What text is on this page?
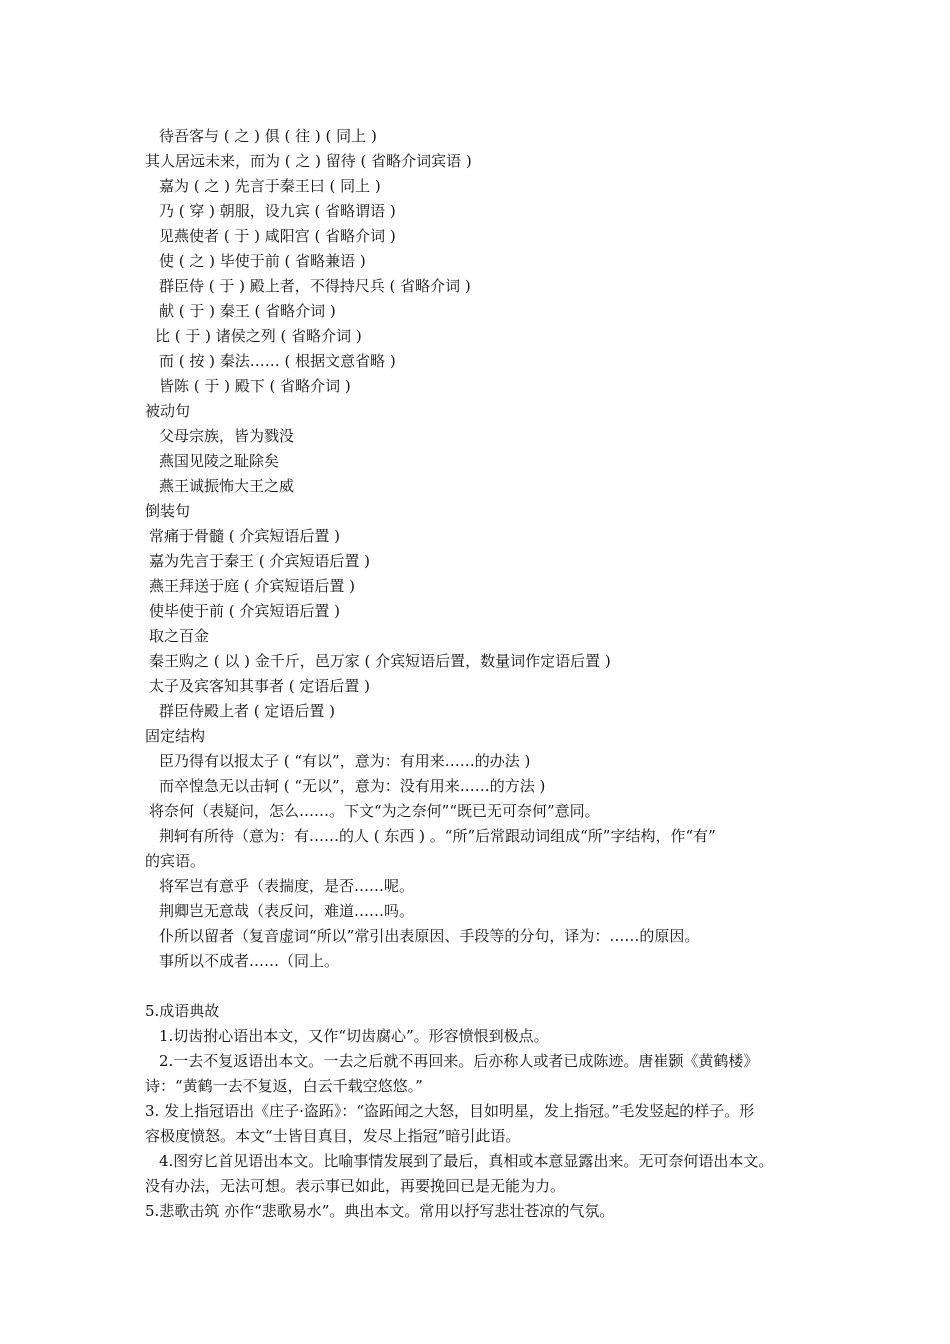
待吾客与 ( 之 ) 俱 ( 往 ) ( 同上 )
其人居远未来，而为 ( 之 ) 留待 ( 省略介词宾语 )
嘉为 ( 之 ) 先言于秦王曰 ( 同上 )
乃 ( 穿 ) 朝服，设九宾 ( 省略谓语 )
见燕使者 ( 于 ) 咸阳宫 ( 省略介词 )
使 ( 之 ) 毕使于前 ( 省略兼语 )
群臣侍 ( 于 ) 殿上者，不得持尺兵 ( 省略介词 )
献 ( 于 ) 秦王 ( 省略介词 )
比 ( 于 ) 诸侯之列 ( 省略介词 )
而 ( 按 ) 秦法…… ( 根据文意省略 )
皆陈 ( 于 ) 殿下 ( 省略介词 )
被动句
父母宗族，皆为戮没
燕国见陵之耻除矣
燕王诚振怖大王之威
倒装句
常痛于骨髓 ( 介宾短语后置 )
嘉为先言于秦王 ( 介宾短语后置 )
燕王拜送于庭 ( 介宾短语后置 )
使毕使于前 ( 介宾短语后置 )
取之百金
秦王购之 ( 以 ) 金千斤，邑万家 ( 介宾短语后置，数量词作定语后置 )
太子及宾客知其事者 ( 定语后置 )
群臣侍殿上者 ( 定语后置 )
固定结构
臣乃得有以报太子 ( “有以”，意为：有用来……的办法 )
而卒惶急无以击轲 ( “无以”，意为：没有用来……的方法 )
将奈何（表疑问，怎么……。下文“为之奈何”“既已无可奈何”意同。
荆轲有所待（意为：有……的人 ( 东西 ) 。“所”后常跟动词组成“所”字结构，作“有”
的宾语。
将军岂有意乎（表揣度，是否……呢。
荆卿岂无意哉（表反问，难道……吗。
仆所以留者（复音虚词“所以”常引出表原因、手段等的分句，译为：……的原因。
事所以不成者……（同上。
5.成语典故
1.切齿拊心语出本文，又作“切齿腐心”。形容愤恨到极点。
2.一去不复返语出本文。一去之后就不再回来。后亦称人或者已成陈迹。唐崔颢《黄鹤楼》
诗：“黄鹤一去不复返，白云千载空悠悠。”
3. 发上指冠语出《庄子·盗跖》：“盗跖闻之大怒，目如明星，发上指冠。”毛发竖起的样子。形
容极度愤怒。本文“士皆目真目，发尽上指冠”暗引此语。
4.图穷匕首见语出本文。比喻事情发展到了最后，真相或本意显露出来。无可奈何语出本文。
没有办法，无法可想。表示事已如此，再要挽回已是无能为力。
5.悲歌击筑 亦作“悲歌易水”。典出本文。常用以抒写悲壮苍凉的气氛。
